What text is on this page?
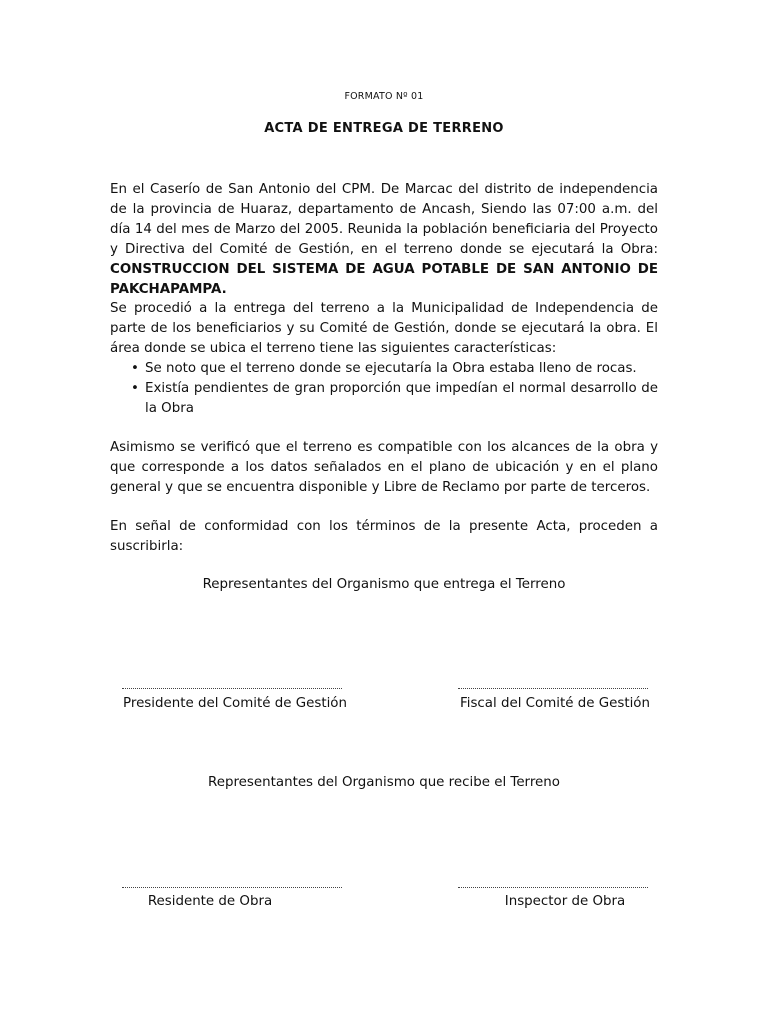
FORMATO Nº 01
ACTA DE ENTREGA DE TERRENO
En el Caserío de San Antonio del CPM. De Marcac del distrito de independencia de la provincia de Huaraz, departamento de Ancash, Siendo las 07:00 a.m. del día 14 del mes de Marzo del 2005. Reunida la población beneficiaria del Proyecto y Directiva del Comité de Gestión, en el terreno donde se ejecutará la Obra: CONSTRUCCION DEL SISTEMA DE AGUA POTABLE DE SAN ANTONIO DE PAKCHAPAMPA.
Se procedió a la entrega del terreno a la Municipalidad de Independencia de parte de los beneficiarios y su Comité de Gestión, donde se ejecutará la obra. El área donde se ubica el terreno tiene las siguientes características:
• Se noto que el terreno donde se ejecutaría la Obra estaba lleno de rocas.
• Existía pendientes de gran proporción que impedían el normal desarrollo de la Obra
Asimismo se verificó que el terreno es compatible con los alcances de la obra y que corresponde a los datos señalados en el plano de ubicación y en el plano general y que se encuentra disponible y Libre de Reclamo por parte de terceros.
En señal de conformidad con los términos de la presente Acta, proceden a suscribirla:
Representantes del Organismo que entrega el Terreno
Presidente del Comité de Gestión	Fiscal del Comité de Gestión
Representantes del Organismo que recibe el Terreno
Residente de Obra	Inspector de Obra
